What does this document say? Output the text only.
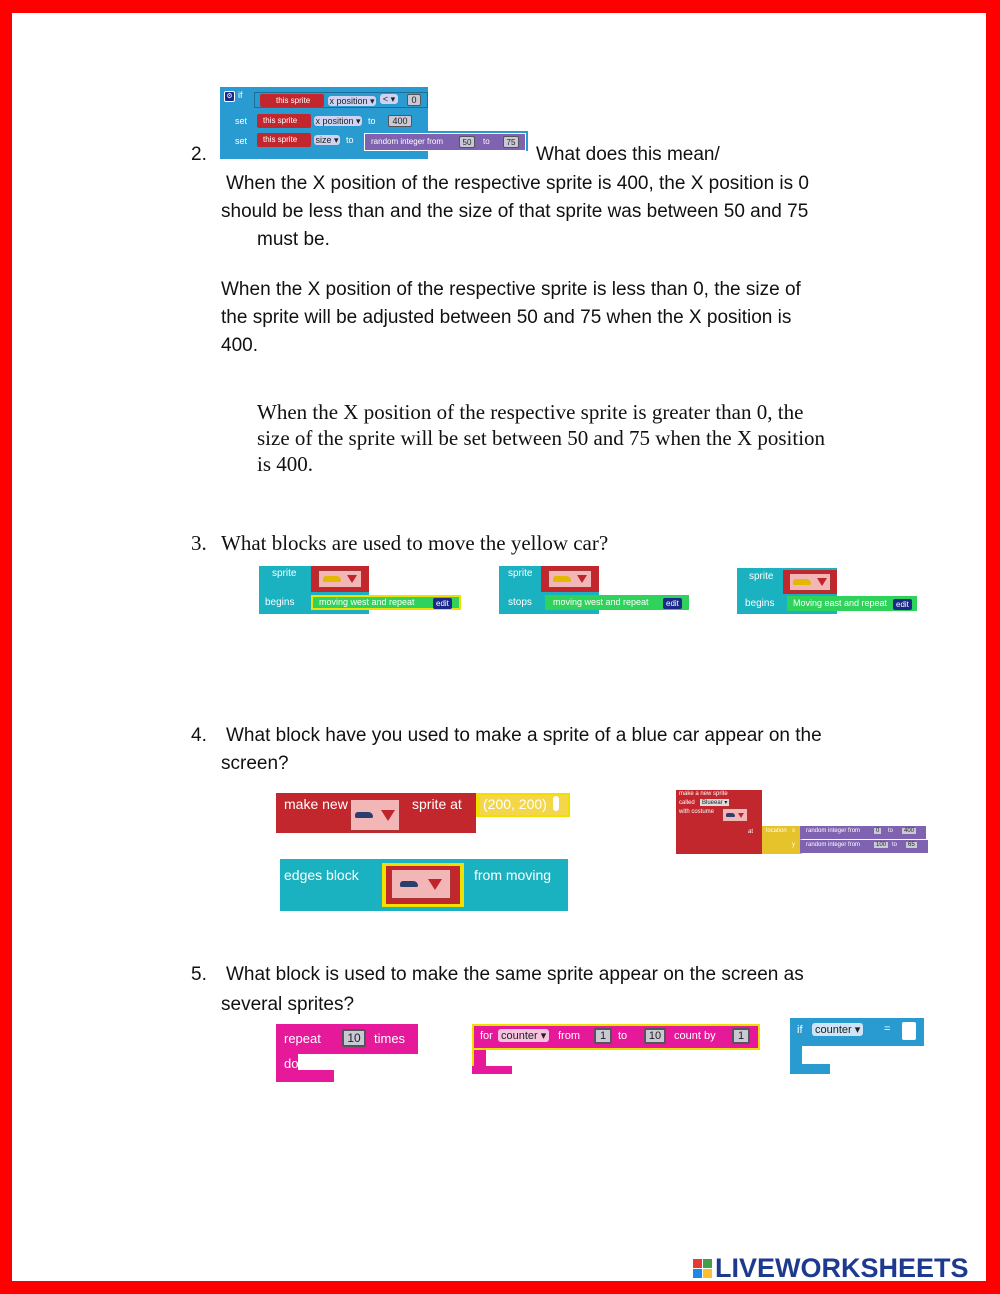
2.
⚙ if
this sprite	x position ▾ < ▾	0
set	this sprite	x position ▾ to	400
set	this sprite	size ▾ to random integer from	50	to	75
What does this mean/
When the X position of the respective sprite is 400, the X position is 0
should be less than and the size of that sprite was between 50 and 75
must be.
When the X position of the respective sprite is less than 0, the size of
the sprite will be adjusted between 50 and 75 when the X position is
400.
When the X position of the respective sprite is greater than 0, the
size of the sprite will be set between 50 and 75 when the X position
is 400.
3. What blocks are used to move the yellow car?
sprite
begins	moving west and repeat	edit
sprite
stops moving west and repeat	edit
sprite
begins Moving east and repeat	edit
4. What block have you used to make a sprite of a blue car appear on the
screen?
make new	sprite at (200, 200)
make a new sprite
called	Blueear ▾
with costume
at location x
y
random integer from	0	to	400
random integer from	100 to	65
edges block	from moving
5. What block is used to make the same sprite appear on the screen as
several sprites?
repeat	10	times
do
for counter ▾ from	1	to	10	count by	1	if counter ▾ =
LIVEWORKSHEETS
